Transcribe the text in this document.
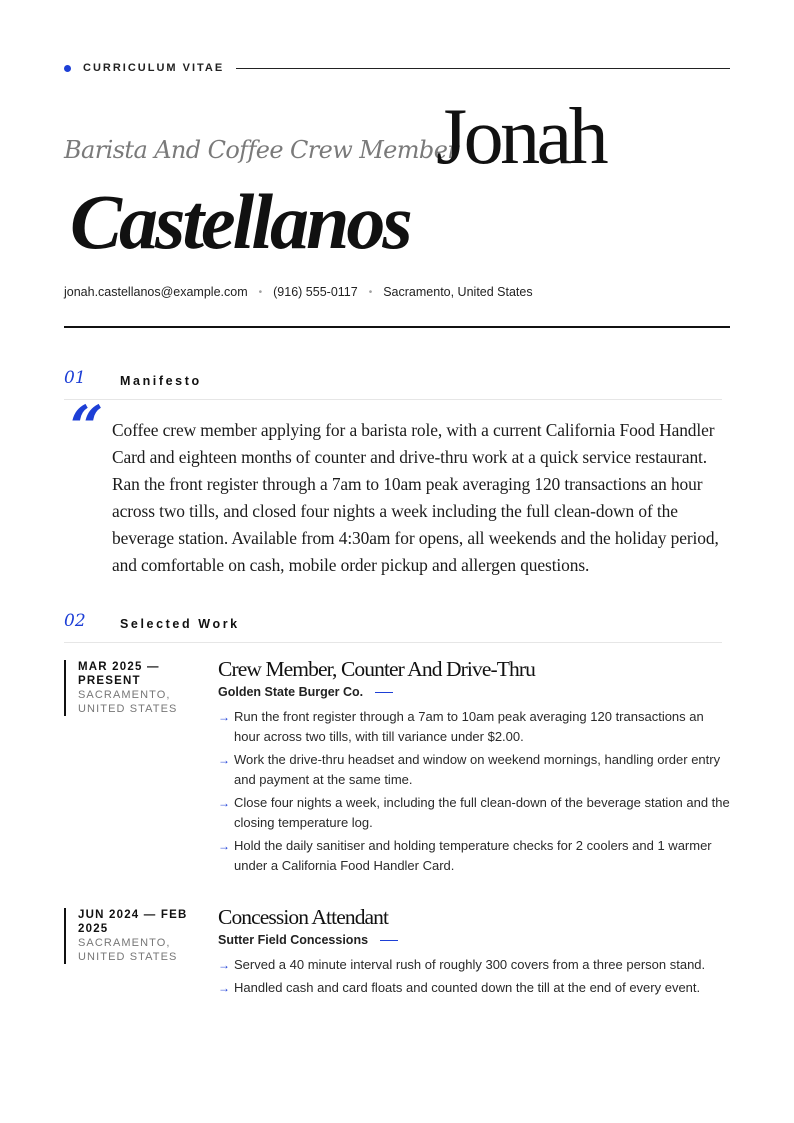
CURRICULUM VITAE
Barista And Coffee Crew Member
Jonah
Castellanos
jonah.castellanos@example.com • (916) 555-0117 • Sacramento, United States
01	Manifesto
“ Coffee crew member applying for a barista role, with a current California Food Handler Card and eighteen months of counter and drive-thru work at a quick service restaurant. Ran the front register through a 7am to 10am peak averaging 120 transactions an hour across two tills, and closed four nights a week including the full clean-down of the beverage station. Available from 4:30am for opens, all weekends and the holiday period, and comfortable on cash, mobile order pickup and allergen questions.
02	Selected Work
MAR 2025 — PRESENT
SACRAMENTO, UNITED STATES
Crew Member, Counter And Drive-Thru
Golden State Burger Co.
→ Run the front register through a 7am to 10am peak averaging 120 transactions an hour across two tills, with till variance under $2.00.
→ Work the drive-thru headset and window on weekend mornings, handling order entry and payment at the same time.
→ Close four nights a week, including the full clean-down of the beverage station and the closing temperature log.
→ Hold the daily sanitiser and holding temperature checks for 2 coolers and 1 warmer under a California Food Handler Card.
JUN 2024 — FEB 2025
SACRAMENTO, UNITED STATES
Concession Attendant
Sutter Field Concessions
→ Served a 40 minute interval rush of roughly 300 covers from a three person stand.
→ Handled cash and card floats and counted down the till at the end of every event.
